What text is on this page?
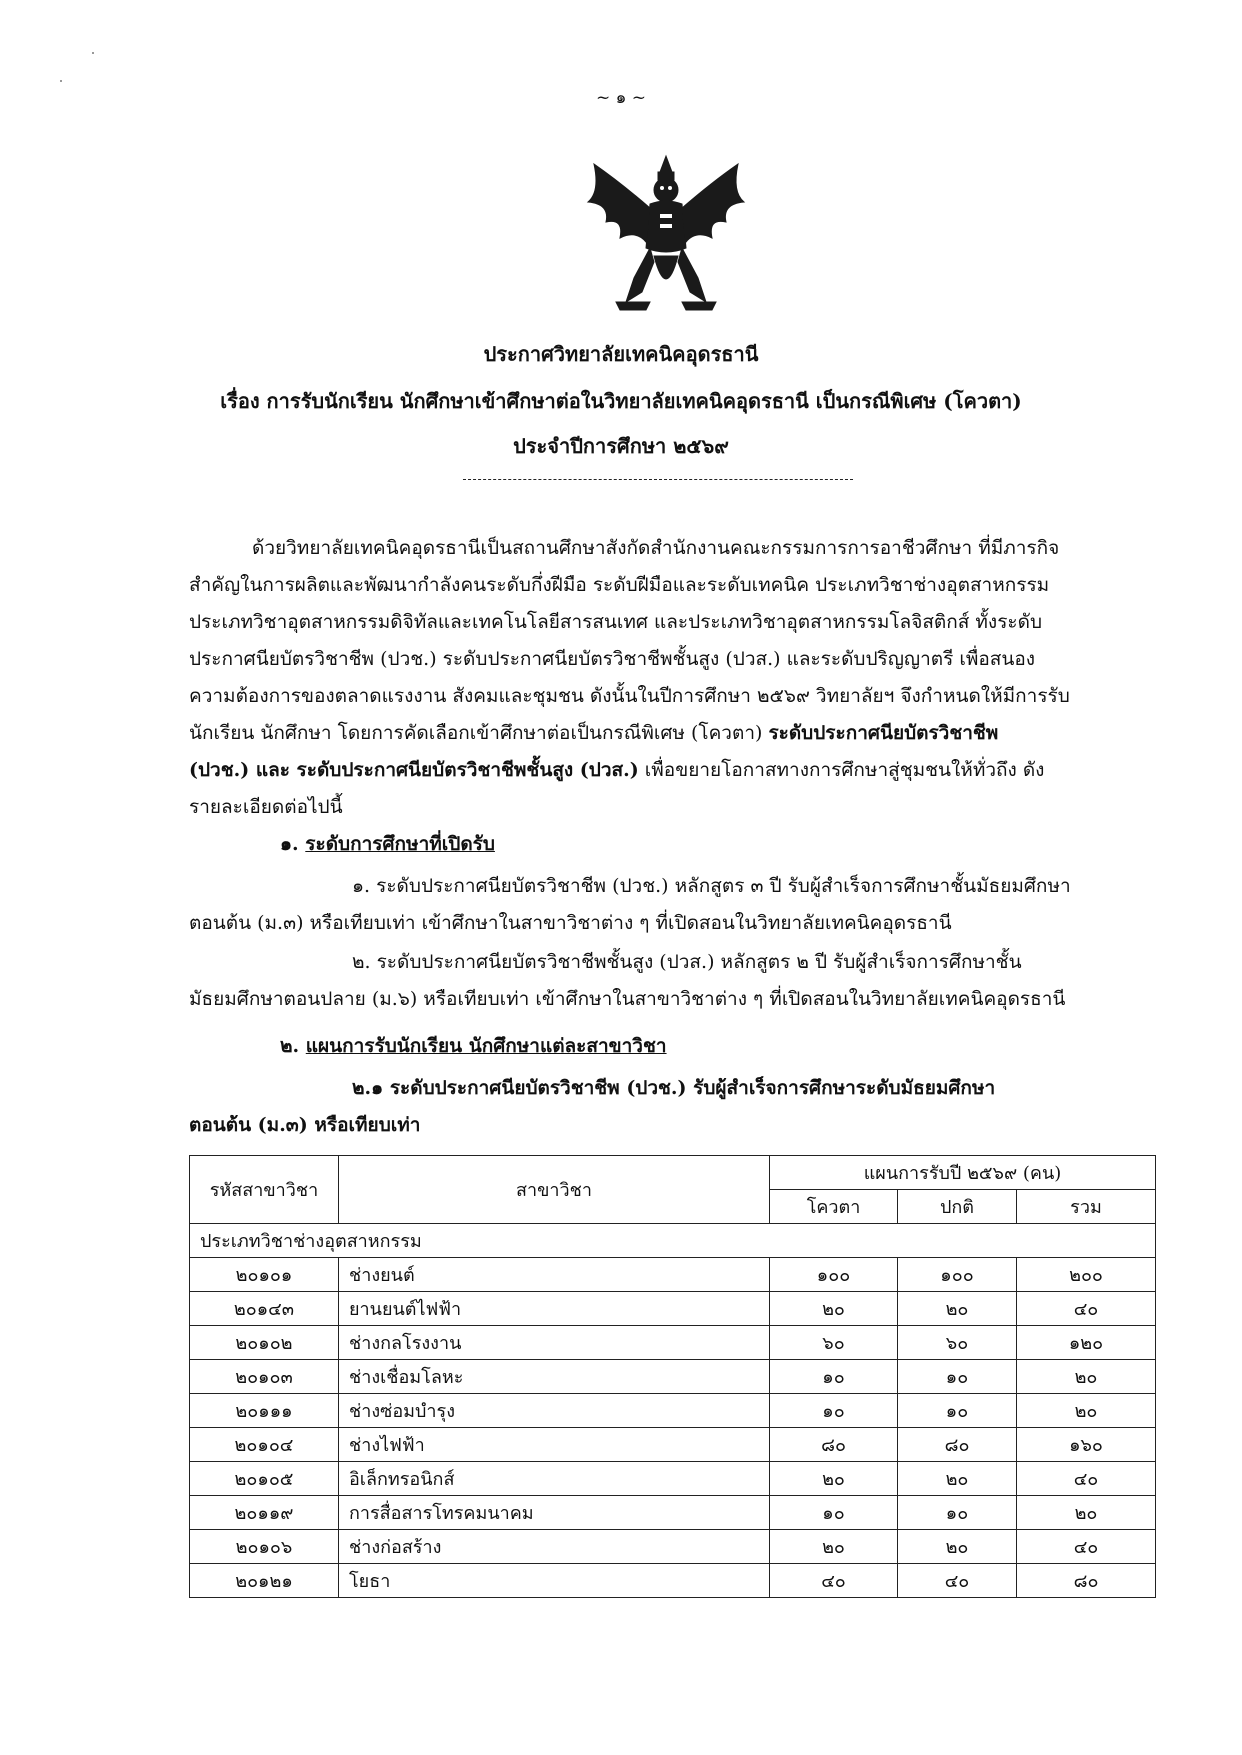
~ ๑ ~
ประกาศวิทยาลัยเทคนิคอุดรธานี
เรื่อง การรับนักเรียน นักศึกษาเข้าศึกษาต่อในวิทยาลัยเทคนิคอุดรธานี เป็นกรณีพิเศษ (โควตา)
ประจำปีการศึกษา ๒๕๖๙
ด้วยวิทยาลัยเทคนิคอุดรธานีเป็นสถานศึกษาสังกัดสำนักงานคณะกรรมการการอาชีวศึกษา ที่มีภารกิจ
สำคัญในการผลิตและพัฒนากำลังคนระดับกึ่งฝีมือ ระดับฝีมือและระดับเทคนิค ประเภทวิชาช่างอุตสาหกรรม
ประเภทวิชาอุตสาหกรรมดิจิทัลและเทคโนโลยีสารสนเทศ และประเภทวิชาอุตสาหกรรมโลจิสติกส์ ทั้งระดับ
ประกาศนียบัตรวิชาชีพ (ปวช.) ระดับประกาศนียบัตรวิชาชีพชั้นสูง (ปวส.) และระดับปริญญาตรี เพื่อสนอง
ความต้องการของตลาดแรงงาน สังคมและชุมชน ดังนั้นในปีการศึกษา ๒๕๖๙ วิทยาลัยฯ จึงกำหนดให้มีการรับ
นักเรียน นักศึกษา โดยการคัดเลือกเข้าศึกษาต่อเป็นกรณีพิเศษ (โควตา) ระดับประกาศนียบัตรวิชาชีพ
(ปวช.) และ ระดับประกาศนียบัตรวิชาชีพชั้นสูง (ปวส.) เพื่อขยายโอกาสทางการศึกษาสู่ชุมชนให้ทั่วถึง ดัง
รายละเอียดต่อไปนี้
๑. ระดับการศึกษาที่เปิดรับ
๑. ระดับประกาศนียบัตรวิชาชีพ (ปวช.) หลักสูตร ๓ ปี รับผู้สำเร็จการศึกษาชั้นมัธยมศึกษา
ตอนต้น (ม.๓) หรือเทียบเท่า เข้าศึกษาในสาขาวิชาต่าง ๆ ที่เปิดสอนในวิทยาลัยเทคนิคอุดรธานี
๒. ระดับประกาศนียบัตรวิชาชีพชั้นสูง (ปวส.) หลักสูตร ๒ ปี รับผู้สำเร็จการศึกษาชั้น
มัธยมศึกษาตอนปลาย (ม.๖) หรือเทียบเท่า เข้าศึกษาในสาขาวิชาต่าง ๆ ที่เปิดสอนในวิทยาลัยเทคนิคอุดรธานี
๒. แผนการรับนักเรียน นักศึกษาแต่ละสาขาวิชา
๒.๑ ระดับประกาศนียบัตรวิชาชีพ (ปวช.) รับผู้สำเร็จการศึกษาระดับมัธยมศึกษา
ตอนต้น (ม.๓) หรือเทียบเท่า
รหัสสาขาวิชา	สาขาวิชา	แผนการรับปี ๒๕๖๙ (คน)		
		โควตา	ปกติ	รวม
ประเภทวิชาช่างอุตสาหกรรม				
๒๐๑๐๑	ช่างยนต์	๑๐๐	๑๐๐	๒๐๐
๒๐๑๔๓	ยานยนต์ไฟฟ้า	๒๐	๒๐	๔๐
๒๐๑๐๒	ช่างกลโรงงาน	๖๐	๖๐	๑๒๐
๒๐๑๐๓	ช่างเชื่อมโลหะ	๑๐	๑๐	๒๐
๒๐๑๑๑	ช่างซ่อมบำรุง	๑๐	๑๐	๒๐
๒๐๑๐๔	ช่างไฟฟ้า	๘๐	๘๐	๑๖๐
๒๐๑๐๕	อิเล็กทรอนิกส์	๒๐	๒๐	๔๐
๒๐๑๑๙	การสื่อสารโทรคมนาคม	๑๐	๑๐	๒๐
๒๐๑๐๖	ช่างก่อสร้าง	๒๐	๒๐	๔๐
๒๐๑๒๑	โยธา	๔๐	๔๐	๘๐
